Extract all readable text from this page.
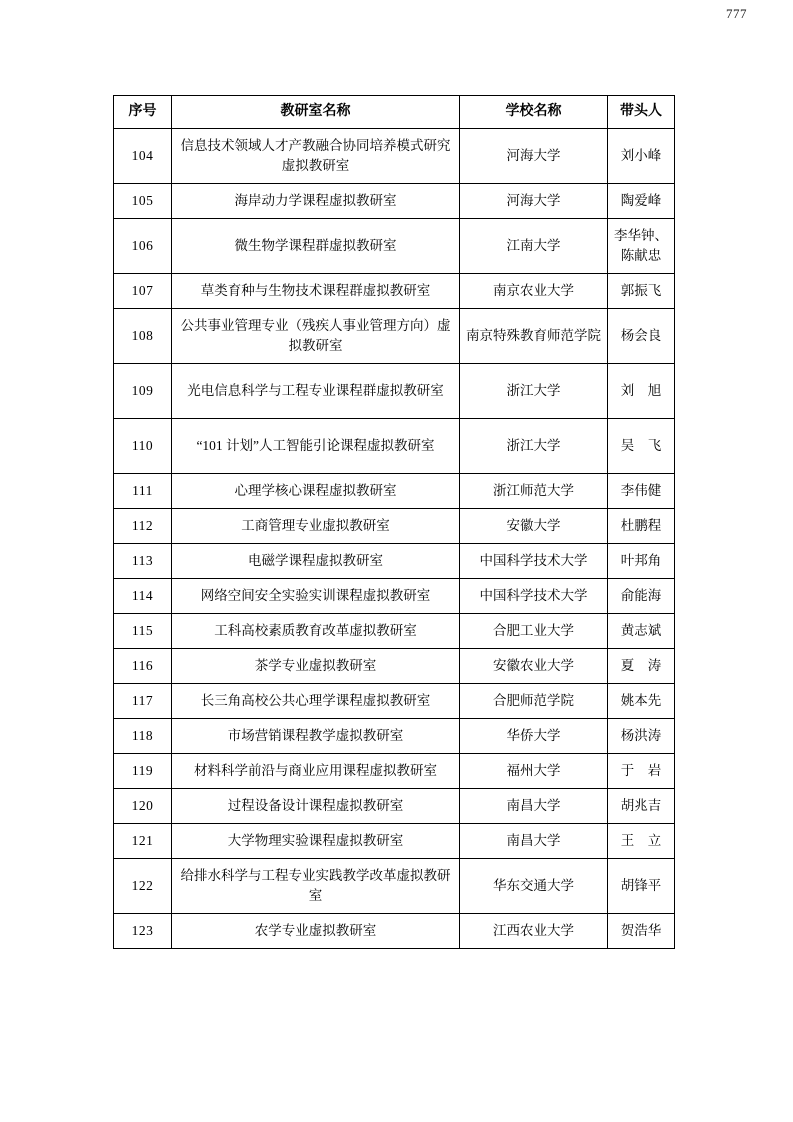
777
序号	教研室名称	学校名称	带头人
104	信息技术领域人才产教融合协同培养模式研究虚拟教研室	河海大学	刘小峰
105	海岸动力学课程虚拟教研室	河海大学	陶爱峰
106	微生物学课程群虚拟教研室	江南大学	李华钟、陈献忠
107	草类育种与生物技术课程群虚拟教研室	南京农业大学	郭振飞
108	公共事业管理专业（残疾人事业管理方向）虚拟教研室	南京特殊教育师范学院	杨会良
109	光电信息科学与工程专业课程群虚拟教研室	浙江大学	刘　旭
110	“101 计划”人工智能引论课程虚拟教研室	浙江大学	吴　飞
111	心理学核心课程虚拟教研室	浙江师范大学	李伟健
112	工商管理专业虚拟教研室	安徽大学	杜鹏程
113	电磁学课程虚拟教研室	中国科学技术大学	叶邦角
114	网络空间安全实验实训课程虚拟教研室	中国科学技术大学	俞能海
115	工科高校素质教育改革虚拟教研室	合肥工业大学	黄志斌
116	茶学专业虚拟教研室	安徽农业大学	夏　涛
117	长三角高校公共心理学课程虚拟教研室	合肥师范学院	姚本先
118	市场营销课程教学虚拟教研室	华侨大学	杨洪涛
119	材料科学前沿与商业应用课程虚拟教研室	福州大学	于　岩
120	过程设备设计课程虚拟教研室	南昌大学	胡兆吉
121	大学物理实验课程虚拟教研室	南昌大学	王　立
122	给排水科学与工程专业实践教学改革虚拟教研室	华东交通大学	胡锋平
123	农学专业虚拟教研室	江西农业大学	贺浩华
